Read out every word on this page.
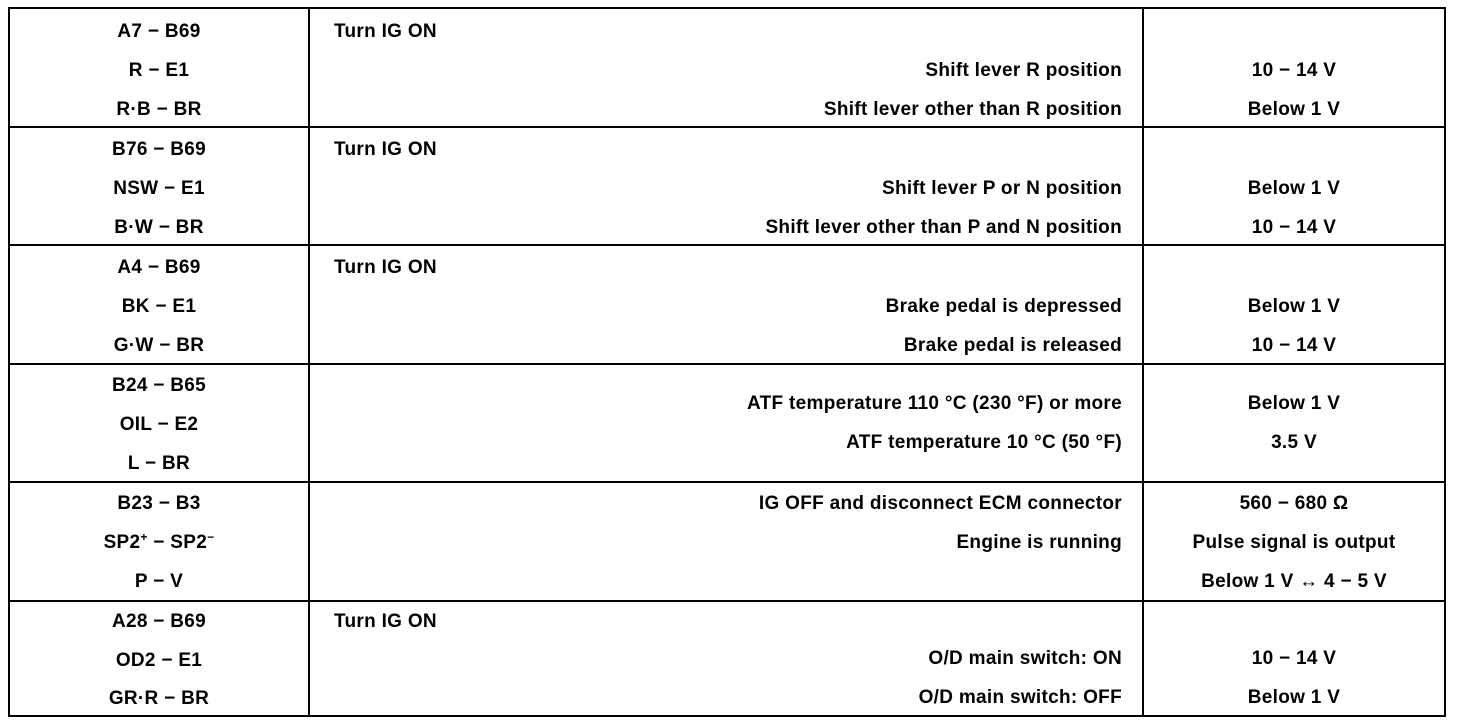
A7 − B69
R − E1
R·B − BR
Turn IG ON
Shift lever R position
Shift lever other than R position
10 − 14 V
Below 1 V
B76 − B69
NSW − E1
B·W − BR
Turn IG ON
Shift lever P or N position
Shift lever other than P and N position
Below 1 V
10 − 14 V
A4 − B69
BK − E1
G·W − BR
Turn IG ON
Brake pedal is depressed
Brake pedal is released
Below 1 V
10 − 14 V
B24 − B65
OIL − E2
L − BR
ATF temperature 110 °C (230 °F) or more
ATF temperature 10 °C (50 °F)
Below 1 V
3.5 V
B23 − B3
SP2+ − SP2−
P − V
IG OFF and disconnect ECM connector
Engine is running
560 − 680 Ω
Pulse signal is output
Below 1 V ↔ 4 − 5 V
A28 − B69
OD2 − E1
GR·R − BR
Turn IG ON
O/D main switch: ON
O/D main switch: OFF
10 − 14 V
Below 1 V
